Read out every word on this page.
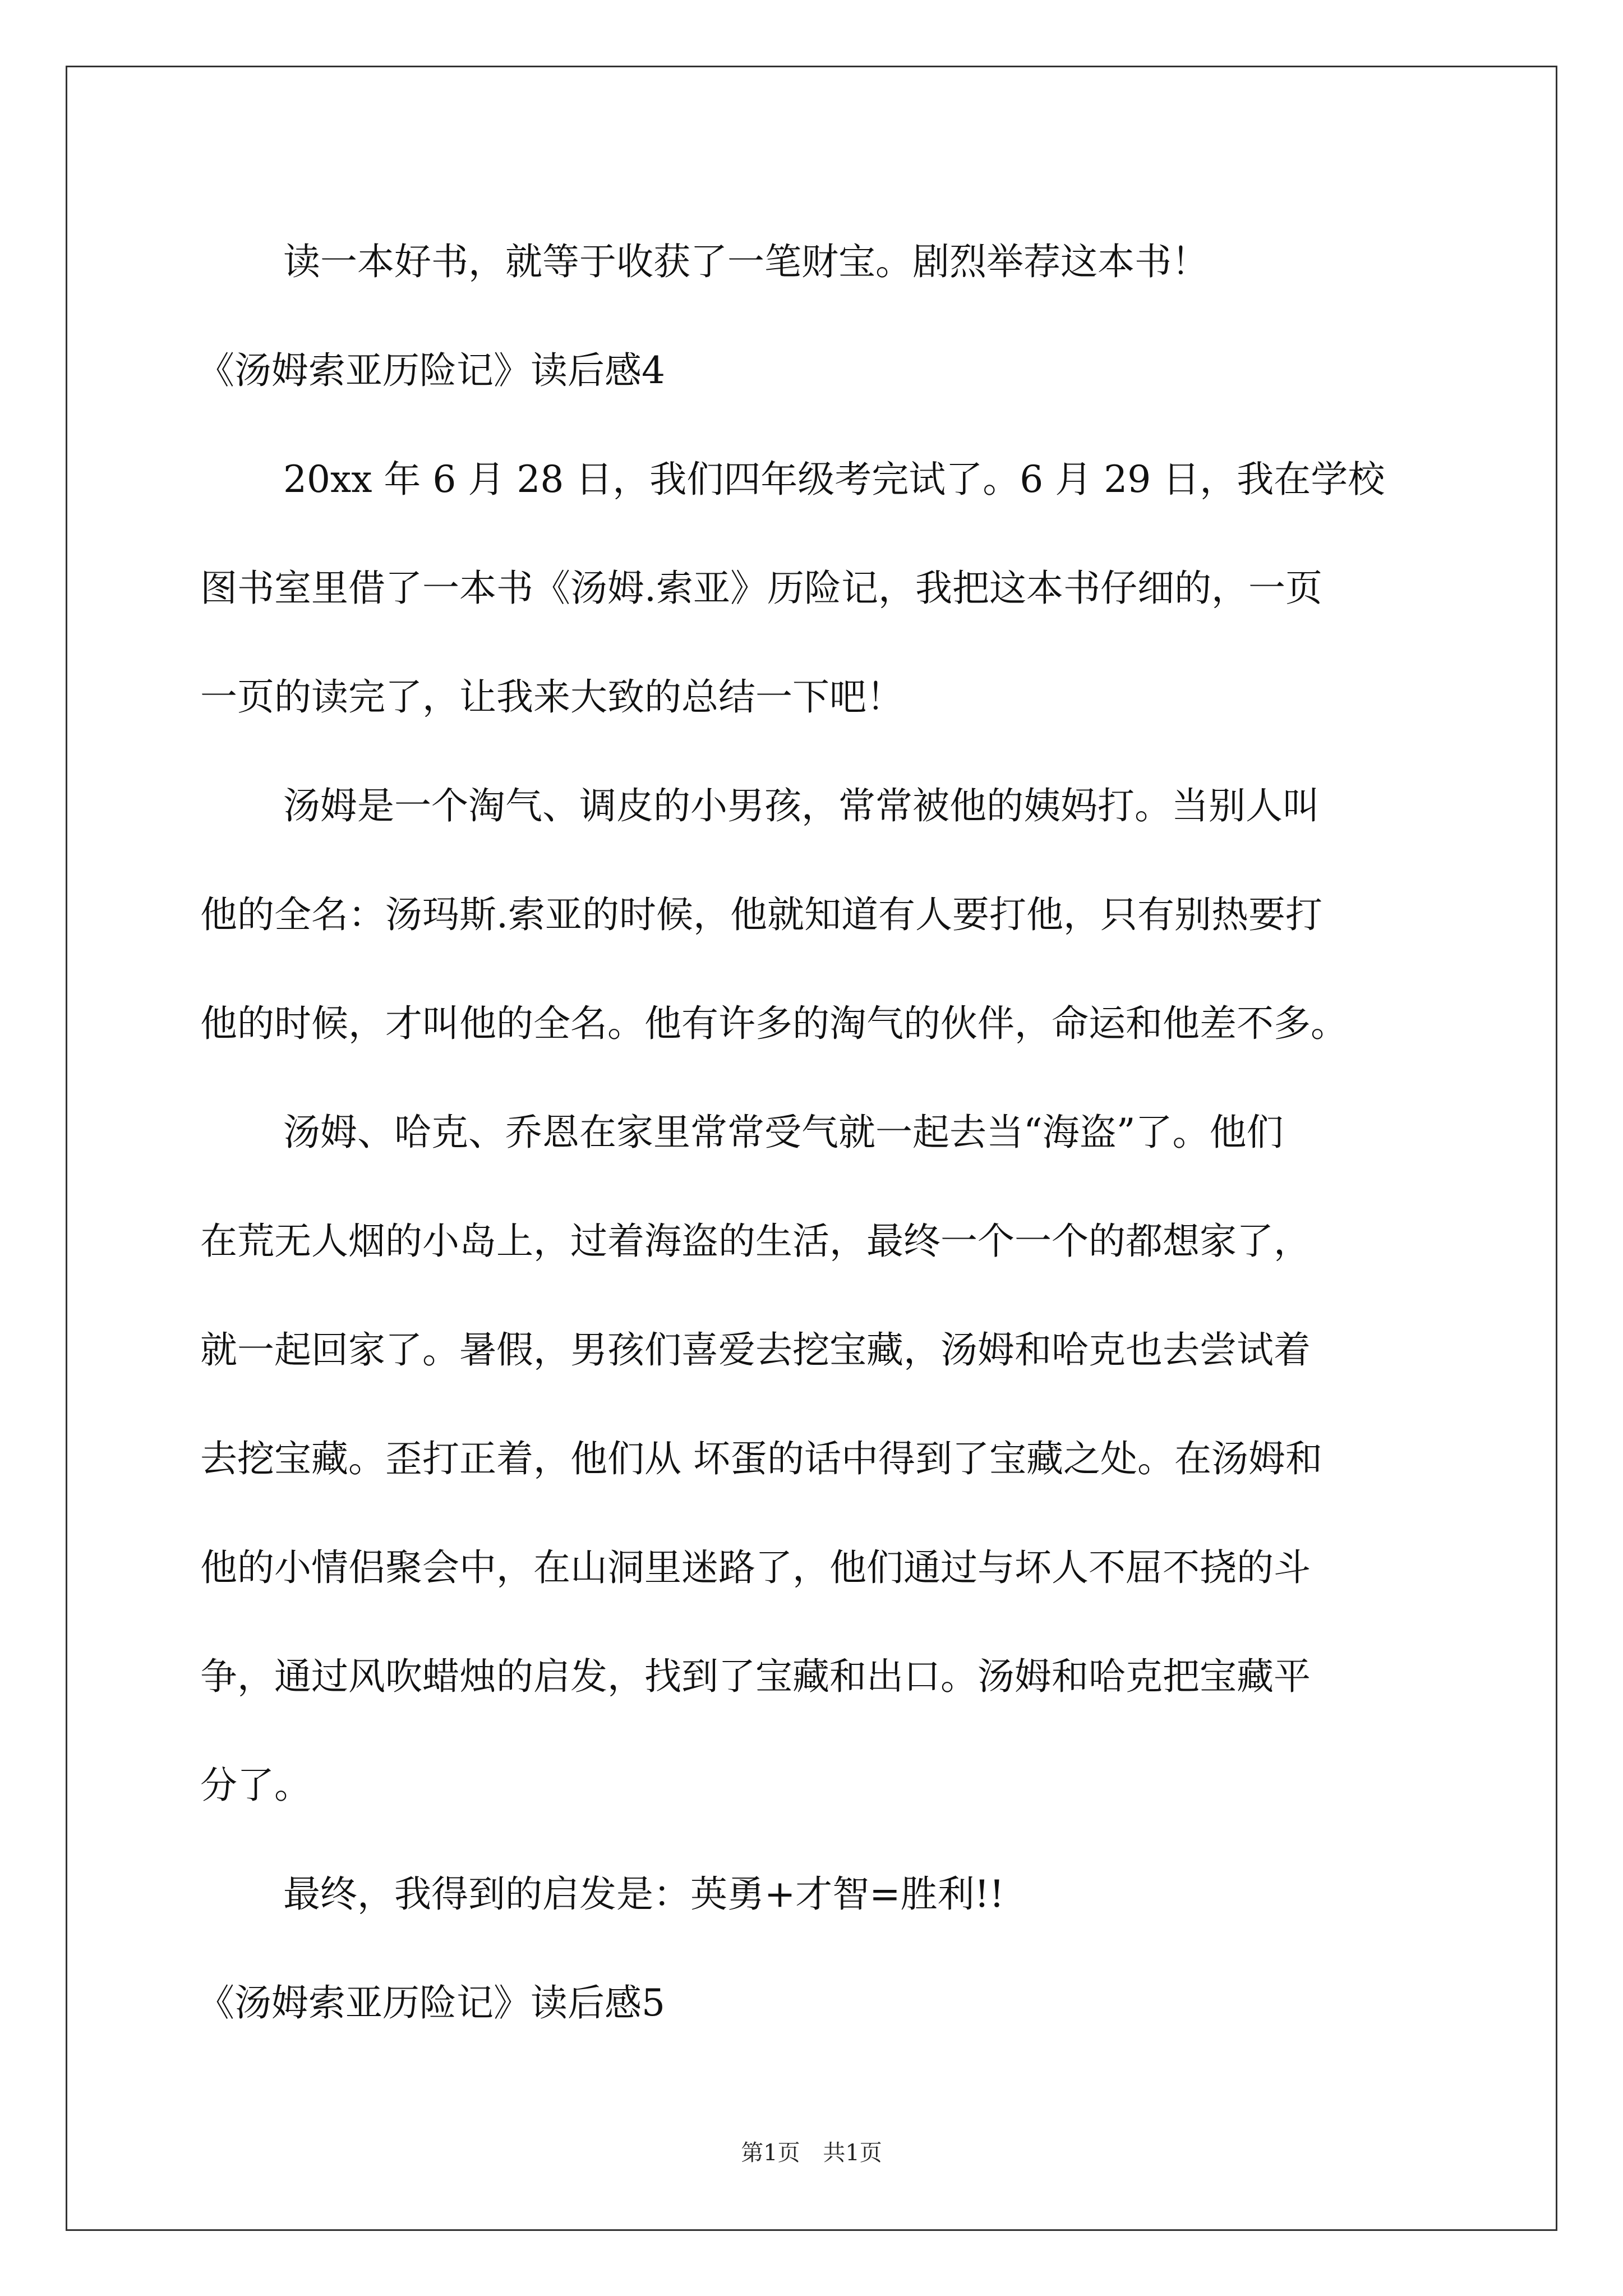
读一本好书，就等于收获了一笔财宝。剧烈举荐这本书！
《汤姆索亚历险记》读后感4
20xx 年 6 月 28 日，我们四年级考完试了。6 月 29 日，我在学校
图书室里借了一本书《汤姆.索亚》历险记，我把这本书仔细的，一页
一页的读完了，让我来大致的总结一下吧！
汤姆是一个淘气、调皮的小男孩，常常被他的姨妈打。当别人叫
他的全名：汤玛斯.索亚的时候，他就知道有人要打他，只有别热要打
他的时候，才叫他的全名。他有许多的淘气的伙伴，命运和他差不多。
汤姆、哈克、乔恩在家里常常受气就一起去当“海盗”了。他们
在荒无人烟的小岛上，过着海盗的生活，最终一个一个的都想家了，
就一起回家了。暑假，男孩们喜爱去挖宝藏，汤姆和哈克也去尝试着
去挖宝藏。歪打正着，他们从 坏蛋的话中得到了宝藏之处。在汤姆和
他的小情侣聚会中，在山洞里迷路了，他们通过与坏人不屈不挠的斗
争，通过风吹蜡烛的启发，找到了宝藏和出口。汤姆和哈克把宝藏平
分了。
最终，我得到的启发是：英勇+才智=胜利!!
《汤姆索亚历险记》读后感5
第1页 共1页
